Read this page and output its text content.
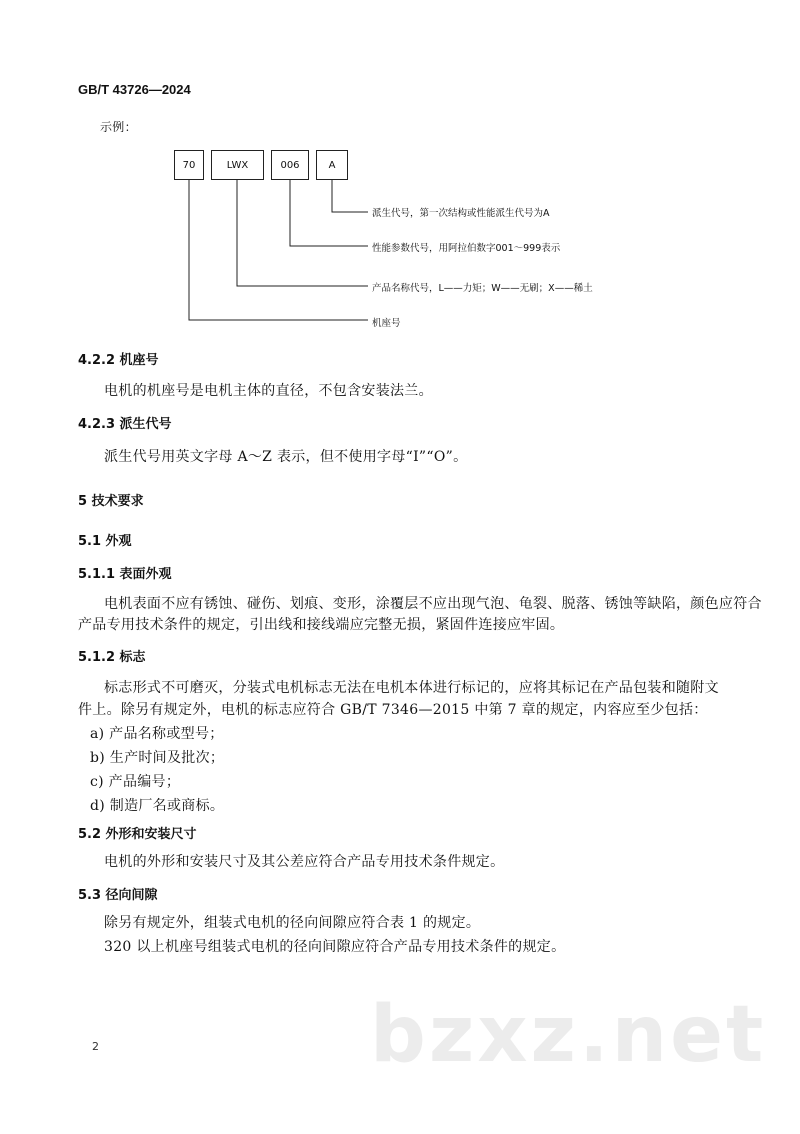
GB/T 43726—2024
示例：
70	LWX	006	A
派生代号，第一次结构或性能派生代号为A
性能参数代号，用阿拉伯数字001～999表示
产品名称代号，L——力矩；W——无刷；X——稀土
机座号
4.2.2 机座号
电机的机座号是电机主体的直径，不包含安装法兰。
4.2.3 派生代号
派生代号用英文字母 A～Z 表示，但不使用字母“I”“O”。
5 技术要求
5.1 外观
5.1.1 表面外观
电机表面不应有锈蚀、碰伤、划痕、变形，涂覆层不应出现气泡、龟裂、脱落、锈蚀等缺陷，颜色应符合
产品专用技术条件的规定，引出线和接线端应完整无损，紧固件连接应牢固。
5.1.2 标志
标志形式不可磨灭，分装式电机标志无法在电机本体进行标记的，应将其标记在产品包装和随附文
件上。除另有规定外，电机的标志应符合 GB/T 7346—2015 中第 7 章的规定，内容应至少包括：
a) 产品名称或型号；
b) 生产时间及批次；
c) 产品编号；
d) 制造厂名或商标。
5.2 外形和安装尺寸
电机的外形和安装尺寸及其公差应符合产品专用技术条件规定。
5.3 径向间隙
除另有规定外，组装式电机的径向间隙应符合表 1 的规定。
320 以上机座号组装式电机的径向间隙应符合产品专用技术条件的规定。
bzxz.net
2
